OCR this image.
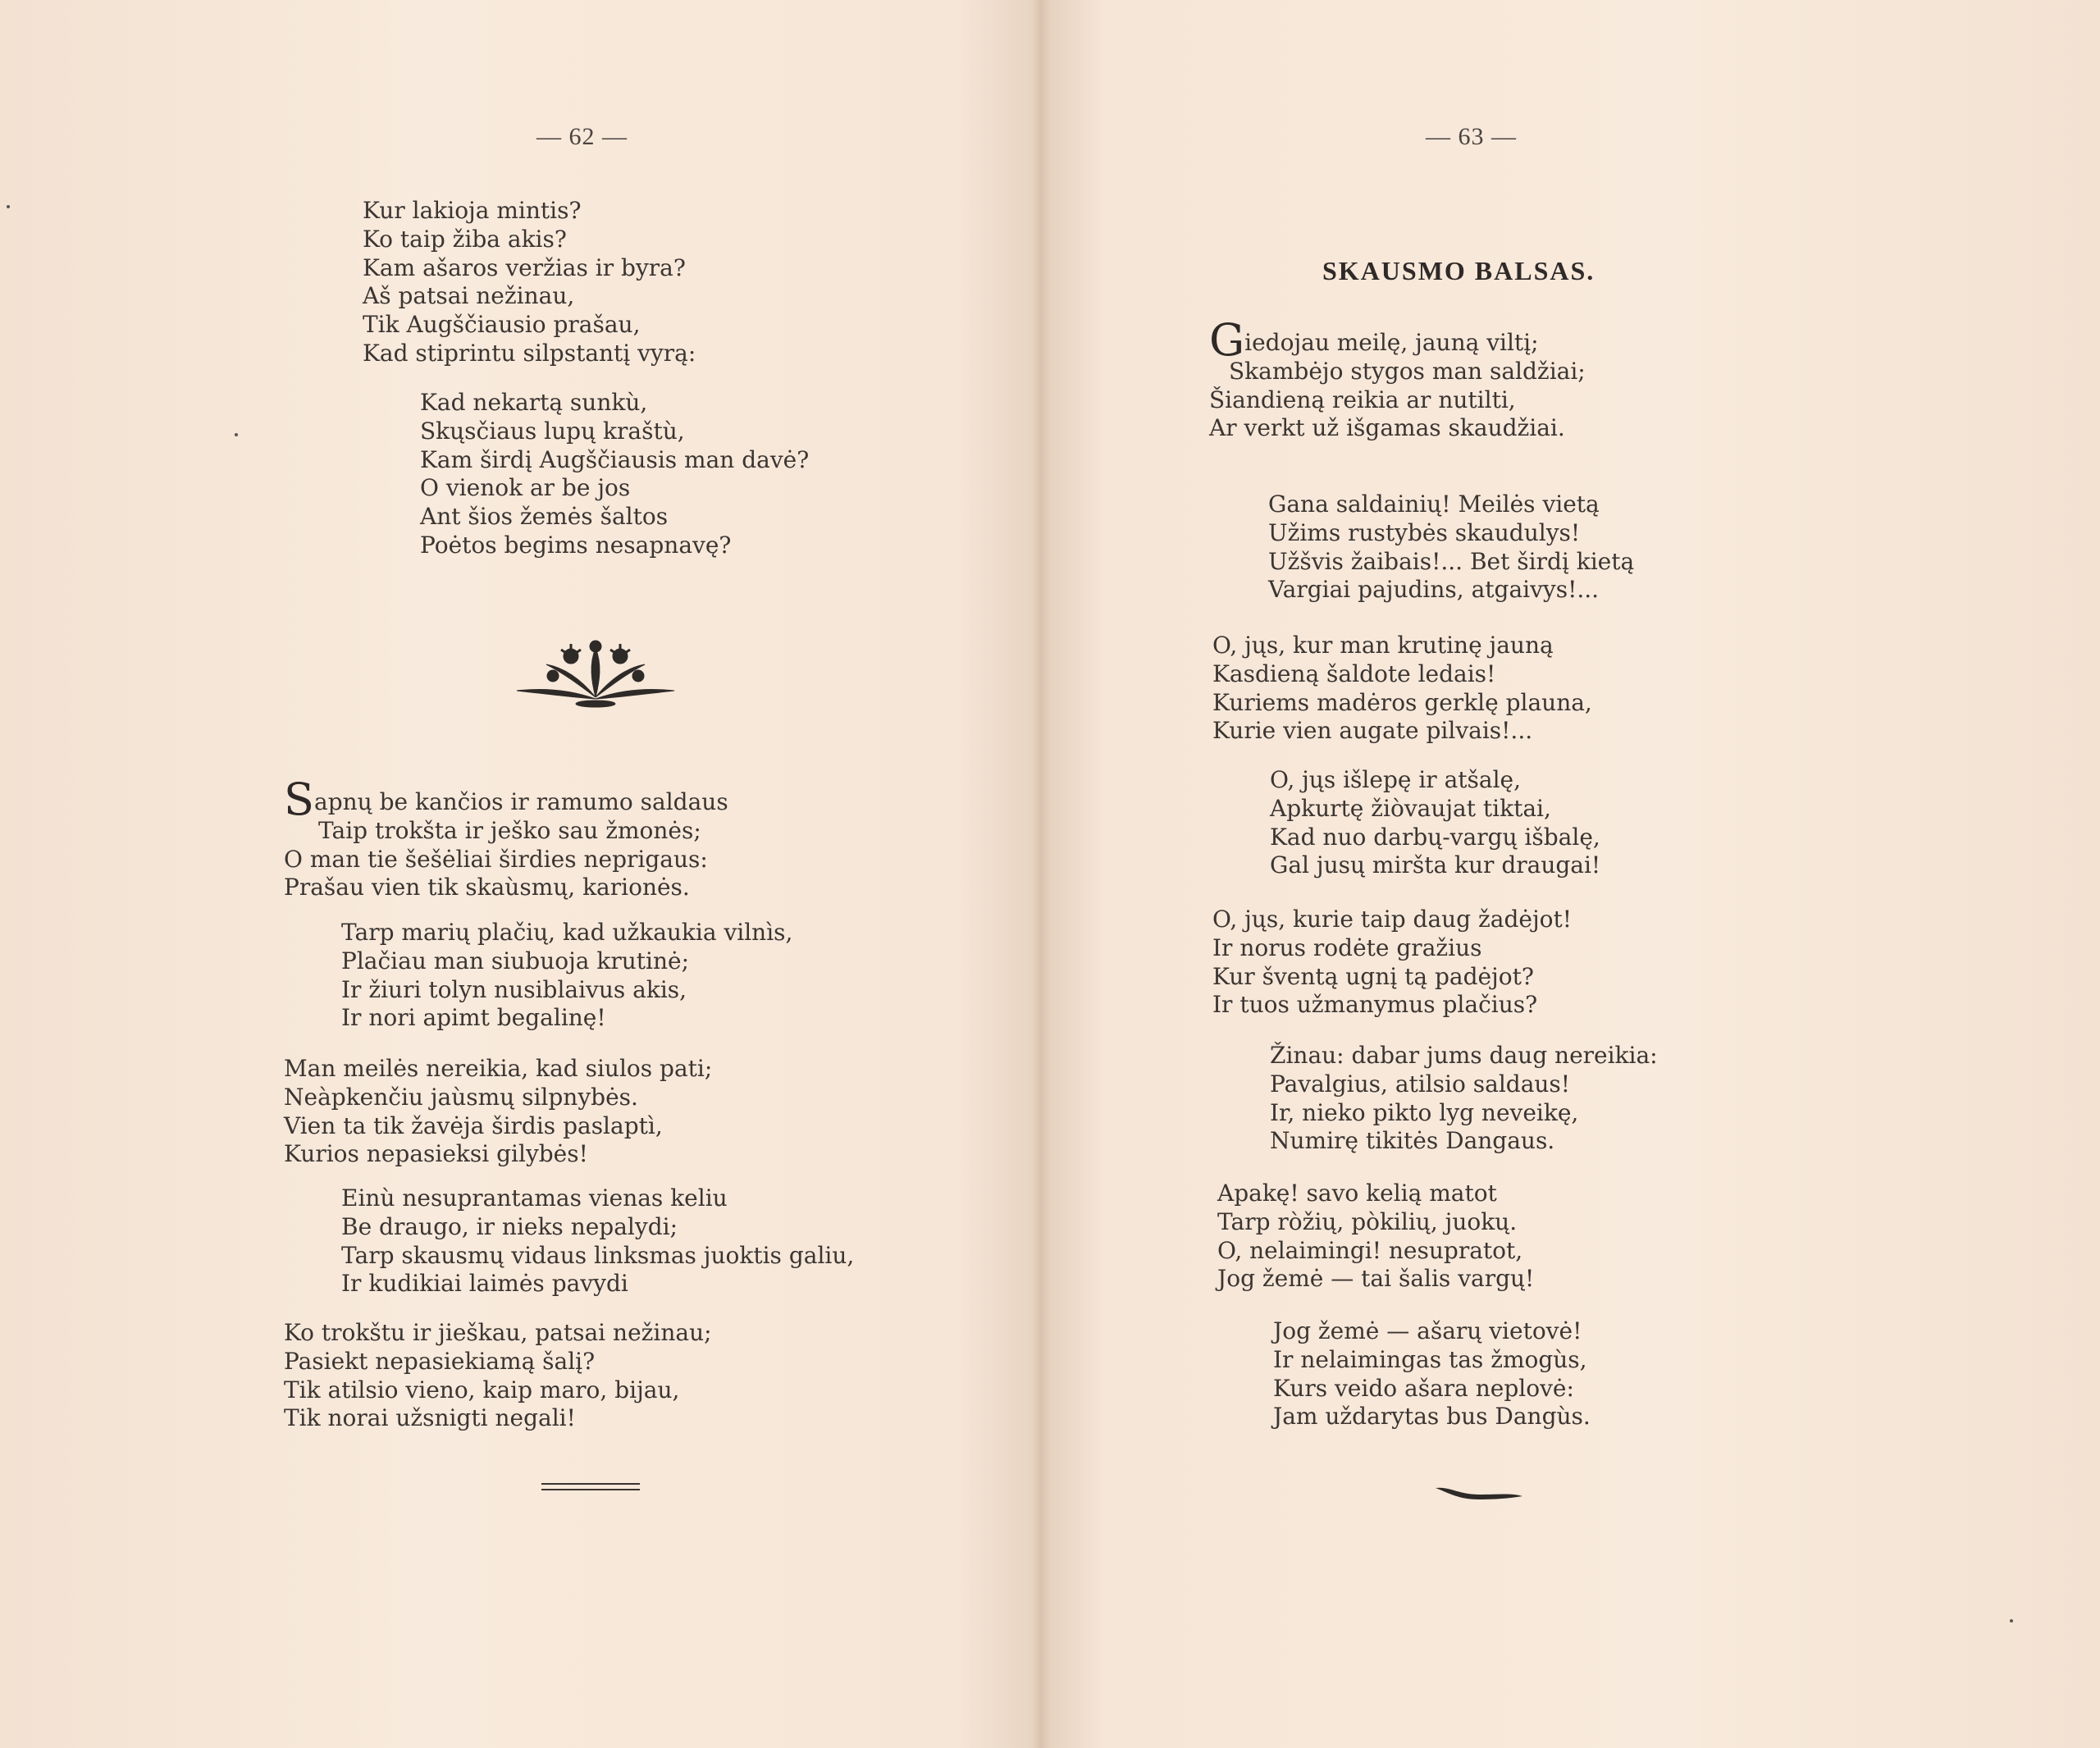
— 62 —
Kur lakioja mintis?
Ko taip žiba akis?
Kam ašaros veržias ir byra?
Aš patsai nežinau,
Tik Augščiausio prašau,
Kad stiprintu silpstantį vyrą:
Kad nekartą sunkù,
Skųsčiaus lupų kraštù,
Kam širdį Augščiausis man davė?
O vienok ar be jos
Ant šios žemės šaltos
Poėtos begims nesapnavę?
Sapnų be kančios ir ramumo saldaus
Taip trokšta ir ješko sau žmonės;
O man tie šešėliai širdies neprigaus:
Prašau vien tik skaùsmų, karionės.
Tarp marių plačių, kad užkaukia vilnìs,
Plačiau man siubuoja krutinė;
Ir žiuri tolyn nusiblaivus akis,
Ir nori apimt begalinę!
Man meilės nereikia, kad siulos pati;
Neàpkenčiu jaùsmų silpnybės.
Vien ta tik žavėja širdis paslaptì,
Kurios nepasieksi gilybės!
Einù nesuprantamas vienas keliu
Be draugo, ir nieks nepalydi;
Tarp skausmų vidaus linksmas juoktis galiu,
Ir kudikiai laimės pavydi
Ko trokštu ir jieškau, patsai nežinau;
Pasiekt nepasiekiamą šalį?
Tik atilsio vieno, kaip maro, bijau,
Tik norai užsnigti negali!
— 63 —
SKAUSMO BALSAS.
Giedojau meilę, jauną viltį;
Skambėjo stygos man saldžiai;
Šiandieną reikia ar nutilti,
Ar verkt už išgamas skaudžiai.
Gana saldainių! Meilės vietą
Užims rustybės skaudulys!
Užšvis žaibais!... Bet širdį kietą
Vargiai pajudins, atgaivys!...
O, jųs, kur man krutinę jauną
Kasdieną šaldote ledais!
Kuriems madėros gerklę plauna,
Kurie vien augate pilvais!...
O, jųs išlepę ir atšalę,
Apkurtę žiòvaujat tiktai,
Kad nuo darbų-vargų išbalę,
Gal jusų miršta kur draugai!
O, jųs, kurie taip daug žadėjot!
Ir norus rodėte gražius
Kur šventą ugnį tą padėjot?
Ir tuos užmanymus plačius?
Žinau: dabar jums daug nereikia:
Pavalgius, atilsio saldaus!
Ir, nieko pikto lyg neveikę,
Numirę tikitės Dangaus.
Apakę! savo kelią matot
Tarp ròžių, pòkilių, juokų.
O, nelaimingi! nesupratot,
Jog žemė — tai šalis vargų!
Jog žemė — ašarų vietovė!
Ir nelaimingas tas žmogùs,
Kurs veido ašara neplovė:
Jam uždarytas bus Dangùs.
